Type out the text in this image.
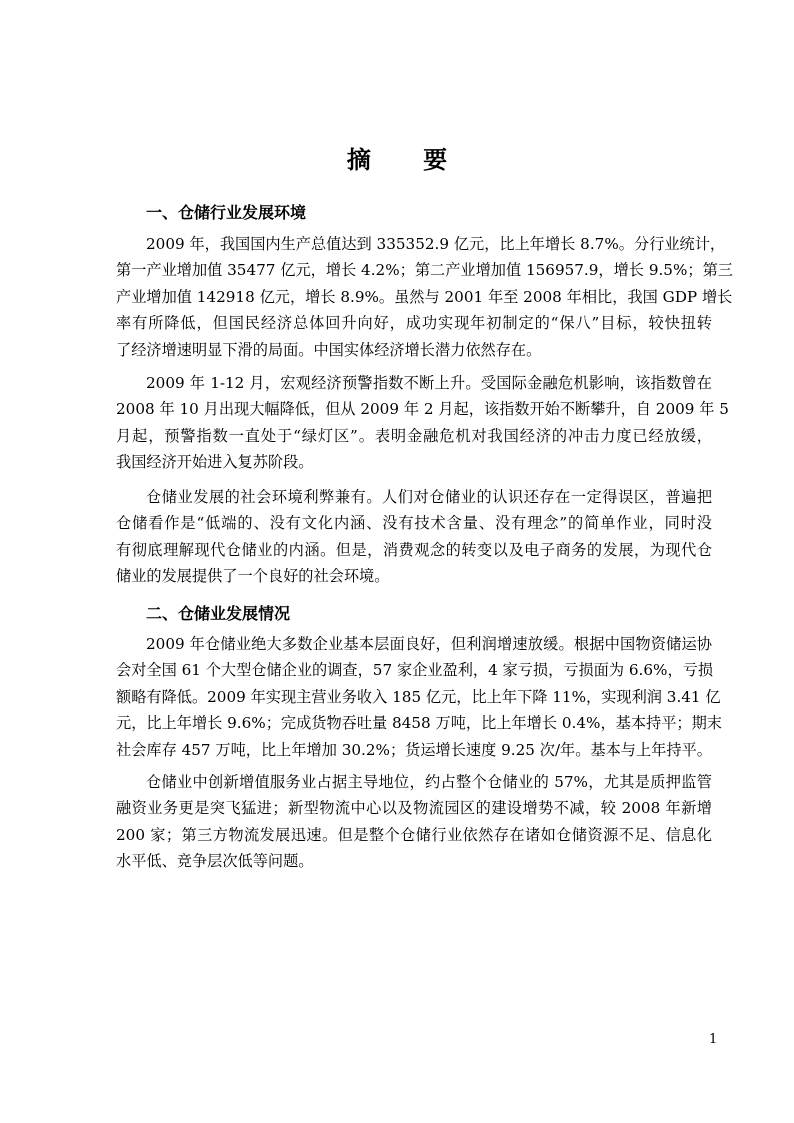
摘 要
一、仓储行业发展环境
2009 年，我国国内生产总值达到 335352.9 亿元，比上年增长 8.7%。分行业统计，
第一产业增加值 35477 亿元，增长 4.2%；第二产业增加值 156957.9，增长 9.5%；第三
产业增加值 142918 亿元，增长 8.9%。虽然与 2001 年至 2008 年相比，我国 GDP 增长
率有所降低，但国民经济总体回升向好，成功实现年初制定的“保八”目标，较快扭转
了经济增速明显下滑的局面。中国实体经济增长潜力依然存在。
2009 年 1-12 月，宏观经济预警指数不断上升。受国际金融危机影响，该指数曾在
2008 年 10 月出现大幅降低，但从 2009 年 2 月起，该指数开始不断攀升，自 2009 年 5
月起，预警指数一直处于“绿灯区”。表明金融危机对我国经济的冲击力度已经放缓，
我国经济开始进入复苏阶段。
仓储业发展的社会环境利弊兼有。人们对仓储业的认识还存在一定得误区，普遍把
仓储看作是“低端的、没有文化内涵、没有技术含量、没有理念”的简单作业，同时没
有彻底理解现代仓储业的内涵。但是，消费观念的转变以及电子商务的发展，为现代仓
储业的发展提供了一个良好的社会环境。
二、仓储业发展情况
2009 年仓储业绝大多数企业基本层面良好，但利润增速放缓。根据中国物资储运协
会对全国 61 个大型仓储企业的调查，57 家企业盈利，4 家亏损，亏损面为 6.6%，亏损
额略有降低。2009 年实现主营业务收入 185 亿元，比上年下降 11%，实现利润 3.41 亿
元，比上年增长 9.6%；完成货物吞吐量 8458 万吨，比上年增长 0.4%，基本持平；期末
社会库存 457 万吨，比上年增加 30.2%；货运增长速度 9.25 次/年。基本与上年持平。
仓储业中创新增值服务业占据主导地位，约占整个仓储业的 57%，尤其是质押监管
融资业务更是突飞猛进；新型物流中心以及物流园区的建设增势不减，较 2008 年新增
200 家；第三方物流发展迅速。但是整个仓储行业依然存在诸如仓储资源不足、信息化
水平低、竞争层次低等问题。
1
